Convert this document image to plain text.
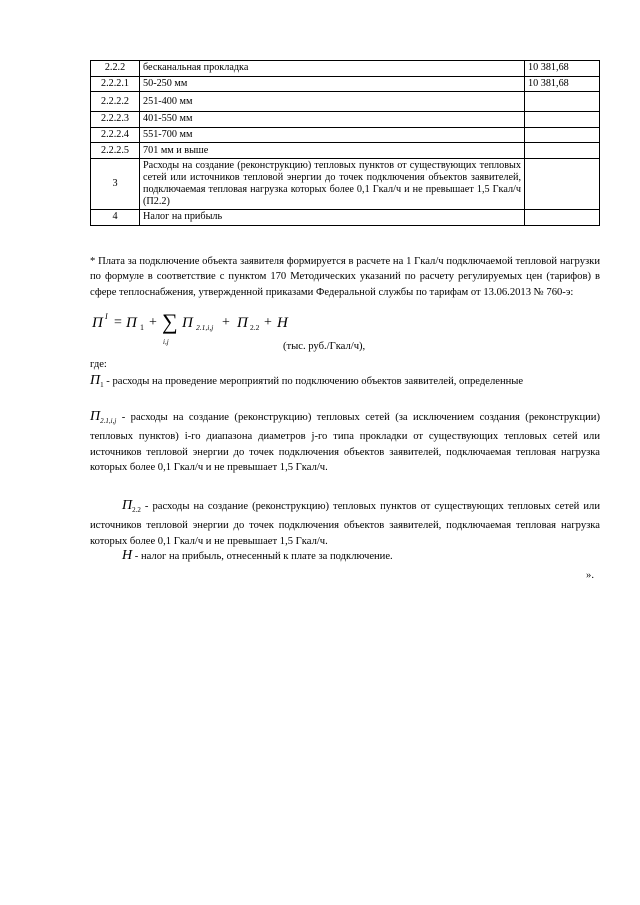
2.2.2	бесканальная прокладка	10 381,68
2.2.2.1	50-250 мм	10 381,68
2.2.2.2	251-400 мм	
2.2.2.3	401-550 мм	
2.2.2.4	551-700 мм	
2.2.2.5	701 мм и выше	
3	Расходы на создание (реконструкцию) тепловых пунктов от существующих тепловых сетей или источников тепловой энергии до точек подключения объектов заявителей, подключаемая тепловая нагрузка которых более 0,1 Гкал/ч и не превышает 1,5 Гкал/ч (П2.2)	
4	Налог на прибыль	

* Плата за подключение объекта заявителя формируется в расчете на 1 Гкал/ч подключаемой тепловой нагрузки по формуле в соответствие с пунктом 170 Методических указаний по расчету регулируемых цен (тарифов) в сфере теплоснабжения, утвержденной приказами Федеральной службы по тарифам от 13.06.2013 № 760-э:

П I = П 1 + ∑
i,j
П 2.1,i,j + П 2.2 + Н
(тыс. руб./Гкал/ч),

где:

$П_1$ - расходы на проведение мероприятий по подключению объектов заявителей, определенные
$П_{2.1,i,j}$ - расходы на создание (реконструкцию) тепловых сетей (за исключением создания (реконструкции) тепловых пунктов) i-го диапазона диаметров j-го типа прокладки от существующих тепловых сетей или источников тепловой энергии до точек подключения объектов заявителей, подключаемая тепловая нагрузка которых более 0,1 Гкал/ч и не превышает 1,5 Гкал/ч.
$П_{2.2}$ - расходы на создание (реконструкцию) тепловых пунктов от существующих тепловых сетей или источников тепловой энергии до точек подключения объектов заявителей, подключаемая тепловая нагрузка которых более 0,1 Гкал/ч и не превышает 1,5 Гкал/ч.
Н - налог на прибыль, отнесенный к плате за подключение.
».
